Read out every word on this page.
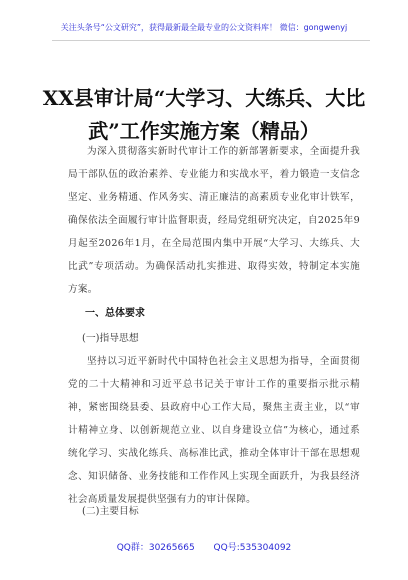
关注头条号“公文研究”，获得最新最全最专业的公文资料库！ 微信：gongwenyj
XX县审计局“大学习、大练兵、大比武”工作实施方案（精品）
为深入贯彻落实新时代审计工作的新部署新要求，全面提升我局干部队伍的政治素养、专业能力和实战水平，着力锻造一支信念坚定、业务精通、作风务实、清正廉洁的高素质专业化审计铁军，确保依法全面履行审计监督职责，经局党组研究决定，自2025年9月起至2026年1月，在全局范围内集中开展“大学习、大练兵、大比武”专项活动。为确保活动扎实推进、取得实效，特制定本实施方案。
一、总体要求
(一)指导思想
坚持以习近平新时代中国特色社会主义思想为指导，全面贯彻党的二十大精神和习近平总书记关于审计工作的重要指示批示精神，紧密围绕县委、县政府中心工作大局，聚焦主责主业，以“审计精神立身、以创新规范立业、以自身建设立信”为核心，通过系统化学习、实战化练兵、高标准比武，推动全体审计干部在思想观念、知识储备、业务技能和工作作风上实现全面跃升，为我县经济社会高质量发展提供坚强有力的审计保障。
(二)主要目标
QQ群：30265665 QQ号:535304092
